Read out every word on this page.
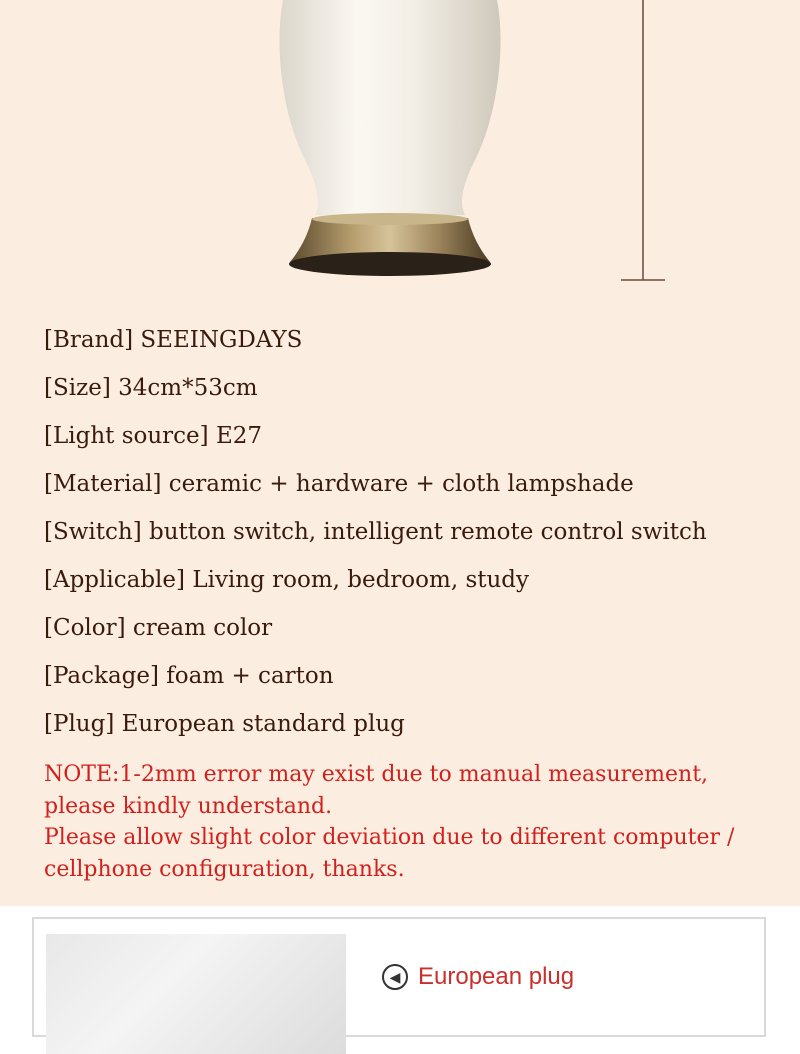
[Brand] SEEINGDAYS
[Size] 34cm*53cm
[Light source] E27
[Material] ceramic + hardware + cloth lampshade
[Switch] button switch, intelligent remote control switch
[Applicable] Living room, bedroom, study
[Color] cream color
[Package] foam + carton
[Plug] European standard plug

NOTE:1-2mm error may exist due to manual measurement, please kindly understand.

Please allow slight color deviation due to different computer / cellphone configuration, thanks.

◀ European plug
